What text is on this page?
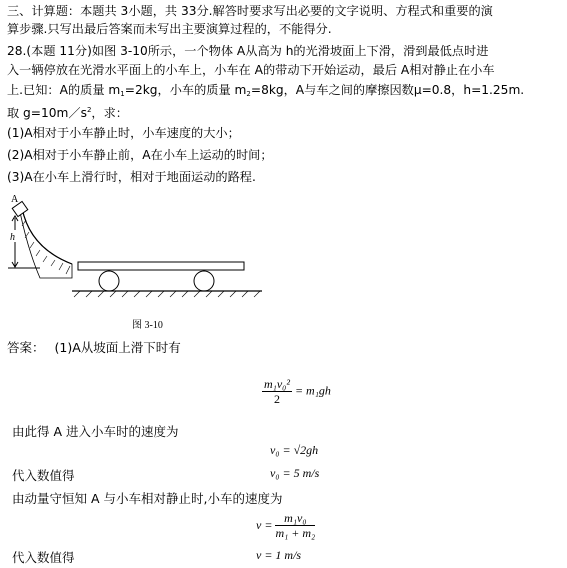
三、计算题：本题共 3小题，共 33分.解答时要求写出必要的文字说明、方程式和重要的演
算步骤.只写出最后答案而未写出主要演算过程的，不能得分.
28.(本题 11分)如图 3-10所示，一个物体 A从高为 h的光滑坡面上下滑，滑到最低点时进
入一辆停放在光滑水平面上的小车上，小车在 A的带动下开始运动，最后 A相对静止在小车
上.已知：A的质量 $m_1=2kg$，小车的质量 $m_2=8kg$，A与车之间的摩擦因数μ=0.8，h=1.25m.
取 $g=10m/s^2$，求：
(1)A相对于小车静止时，小车速度的大小；
(2)A相对于小车静止前，A在小车上运动的时间；
(3)A在小车上滑行时，相对于地面运动的路程.
A
h
图 3-10
答案： (1)A从坡面上滑下时有
$\frac{\text{m₁v₀²}}{2} = m_1gh$
由此得 A 进入小车时的速度为
v₀ = √2gh
代入数值得	v₀ = 5 m/s
由动量守恒知 A 与小车相对静止时,小车的速度为
$v = \frac{\text{m₁v₀}}{\text{m₁ + m₂}}$
代入数值得	v = 1 m/s
